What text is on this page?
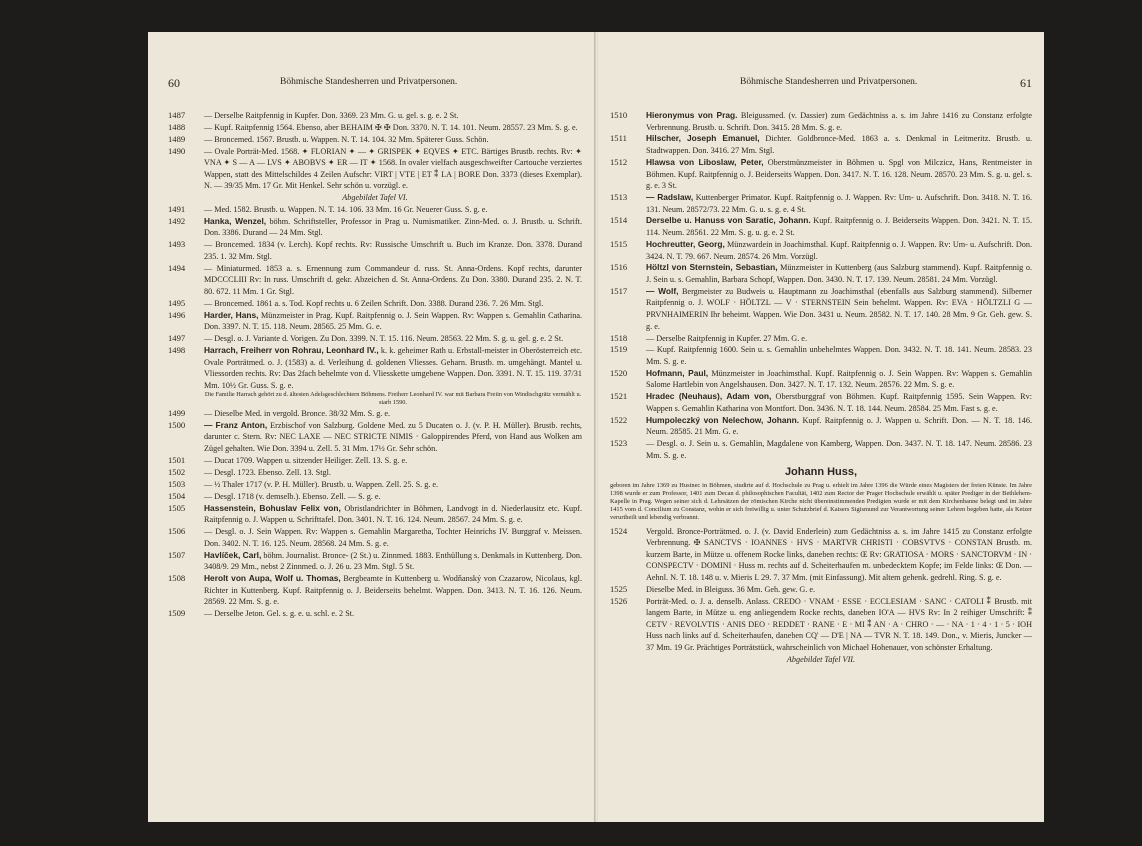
60	Böhmische Standesherren und Privatpersonen.
1487 — Derselbe Raitpfennig in Kupfer. Don. 3369. 23 Mm. G. u. gel. s. g. e. 2 St.
1488 — Kupf. Raitpfennig 1564. Ebenso, aber BEHAIM ✠ ✠ Don. 3370. N. T. 14. 101. Neum. 28557. 23 Mm. S. g. e.
1489 — Broncemed. 1567. Brustb. u. Wappen. N. T. 14. 104. 32 Mm. Späterer Guss. Schön.
1490 — Ovale Porträt-Med. 1568. ✦ FLORIAN ✦ — ✦ GRISPEK ✦ EQVES ✦ ETC. Bärtiges Brustb. rechts. Rv: ✦ VNA ✦ S — A — LVS ✦ ABOBVS ✦ ER — IT ✦ 1568. In ovaler vielfach ausgeschweifter Cartouche verziertes Wappen, statt des Mittelschildes 4 Zeilen Aufschr: VIRT | VTE | ET ⁑ LA | BORE Don. 3373 (dieses Exemplar). N. — 39/35 Mm. 17 Gr. Mit Henkel. Sehr schön u. vorzügl. e.
Abgebildet Tafel VI.
1491 — Med. 1582. Brustb. u. Wappen. N. T. 14. 106. 33 Mm. 16 Gr. Neuerer Guss. S. g. e.
1492 Hanka, Wenzel, böhm. Schriftsteller, Professor in Prag u. Numismatiker. Zinn-Med. o. J. Brustb. u. Schrift. Don. 3386. Durand — 24 Mm. Stgl.
1493 — Broncemed. 1834 (v. Lerch). Kopf rechts. Rv: Russische Umschrift u. Buch im Kranze. Don. 3378. Durand 235. 1. 32 Mm. Stgl.
1494 — Miniaturmed. 1853 a. s. Ernennung zum Commandeur d. russ. St. Anna-Ordens. Kopf rechts, darunter MDCCCLIII Rv: In russ. Umschrift d. gekr. Abzeichen d. St. Anna-Ordens. Zu Don. 3380. Durand 235. 2. N. T. 80. 672. 11 Mm. 1 Gr. Stgl.
1495 — Broncemed. 1861 a. s. Tod. Kopf rechts u. 6 Zeilen Schrift. Don. 3388. Durand 236. 7. 26 Mm. Stgl.
1496 Harder, Hans, Münzmeister in Prag. Kupf. Raitpfennig o. J. Sein Wappen. Rv: Wappen s. Gemahlin Catharina. Don. 3397. N. T. 15. 118. Neum. 28565. 25 Mm. G. e.
1497 — Desgl. o. J. Variante d. Vorigen. Zu Don. 3399. N. T. 15. 116. Neum. 28563. 22 Mm. S. g. u. gel. g. e. 2 St.
1498 Harrach, Freiherr von Rohrau, Leonhard IV., k. k. geheimer Rath u. Erbstall-meister in Oberösterreich etc. Ovale Porträtmed. o. J. (1583) a. d. Verleihung d. goldenen Vliesses. Geharn. Brustb. m. umgehängt. Mantel u. Vliessorden rechts. Rv: Das 2fach behelmte von d. Vliesskette umgebene Wappen. Don. 3391. N. T. 15. 119. 37/31 Mm. 10½ Gr. Guss. S. g. e.
Die Familie Harrach gehört zu d. ältesten Adelsgeschlechtern Böhmens. Freiherr Leonhard IV. war mit Barbara Freiin von Windischgrätz vermählt u. starb 1590.
1499 — Dieselbe Med. in vergold. Bronce. 38/32 Mm. S. g. e.
1500 — Franz Anton, Erzbischof von Salzburg. Goldene Med. zu 5 Ducaten o. J. (v. P. H. Müller). Brustb. rechts, darunter c. Stern. Rv: NEC LAXE — NEC STRICTE NIMIS · Galoppirendes Pferd, von Hand aus Wolken am Zügel gehalten. Wie Don. 3394 u. Zell. 5. 31 Mm. 17½ Gr. Sehr schön.
1501 — Ducat 1709. Wappen u. sitzender Heiliger. Zell. 13. S. g. e.
1502 — Desgl. 1723. Ebenso. Zell. 13. Stgl.
1503 — ½ Thaler 1717 (v. P. H. Müller). Brustb. u. Wappen. Zell. 25. S. g. e.
1504 — Desgl. 1718 (v. demselb.). Ebenso. Zell. — S. g. e.
1505 Hassenstein, Bohuslav Felix von, Obristlandrichter in Böhmen, Landvogt in d. Niederlausitz etc. Kupf. Raitpfennig o. J. Wappen u. Schrifttafel. Don. 3401. N. T. 16. 124. Neum. 28567. 24 Mm. S. g. e.
1506 — Desgl. o. J. Sein Wappen. Rv: Wappen s. Gemahlin Margaretha, Tochter Heinrichs IV. Burggraf v. Meissen. Don. 3402. N. T. 16. 125. Neum. 28568. 24 Mm. S. g. e.
1507 Havlíček, Carl, böhm. Journalist. Bronce- (2 St.) u. Zinnmed. 1883. Enthüllung s. Denkmals in Kuttenberg. Don. 3408/9. 29 Mm., nebst 2 Zinnmed. o. J. 26 u. 23 Mm. Stgl. 5 St.
1508 Herolt von Aupa, Wolf u. Thomas, Bergbeamte in Kuttenberg u. Wodňanský von Czazarow, Nicolaus, kgl. Richter in Kuttenberg. Kupf. Raitpfennig o. J. Beiderseits behelmt. Wappen. Don. 3413. N. T. 16. 126. Neum. 28569. 22 Mm. S. g. e.
1509 — Derselbe Jeton. Gel. s. g. e. u. schl. e. 2 St.
Böhmische Standesherren und Privatpersonen.	61
1510 Hieronymus von Prag. Bleigussmed. (v. Dassier) zum Gedächtniss a. s. im Jahre 1416 zu Constanz erfolgte Verbrennung. Brustb. u. Schrift. Don. 3415. 28 Mm. S. g. e.
1511 Hilscher, Joseph Emanuel, Dichter. Goldbronce-Med. 1863 a. s. Denkmal in Leitmeritz. Brustb. u. Stadtwappen. Don. 3416. 27 Mm. Stgl.
1512 Hlawsa von Liboslaw, Peter, Oberstmünzmeister in Böhmen u. Spgl von Milczicz, Hans, Rentmeister in Böhmen. Kupf. Raitpfennig o. J. Beiderseits Wappen. Don. 3417. N. T. 16. 128. Neum. 28570. 23 Mm. S. g. u. gel. s. g. e. 3 St.
1513 — Radslaw, Kuttenberger Primator. Kupf. Raitpfennig o. J. Wappen. Rv: Um- u. Aufschrift. Don. 3418. N. T. 16. 131. Neum. 28572/73. 22 Mm. G. u. s. g. e. 4 St.
1514 Derselbe u. Hanuss von Saratic, Johann. Kupf. Raitpfennig o. J. Beiderseits Wappen. Don. 3421. N. T. 15. 114. Neum. 28561. 22 Mm. S. g. u. g. e. 2 St.
1515 Hochreutter, Georg, Münzwardein in Joachimsthal. Kupf. Raitpfennig o. J. Wappen. Rv: Um- u. Aufschrift. Don. 3424. N. T. 79. 667. Neum. 28574. 26 Mm. Vorzügl.
1516 Höltzl von Sternstein, Sebastian, Münzmeister in Kuttenberg (aus Salzburg stammend). Kupf. Raitpfennig o. J. Sein u. s. Gemahlin, Barbara Schopf, Wappen. Don. 3430. N. T. 17. 139. Neum. 28581. 24 Mm. Vorzügl.
1517 — Wolf, Bergmeister zu Budweis u. Hauptmann zu Joachimsthal (ebenfalls aus Salzburg stammend). Silberner Raitpfennig o. J. WOLF · HÖLTZL — V · STERNSTEIN Sein behelmt. Wappen. Rv: EVA · HÖLTZLI G — PRVNHAIMERIN Ihr beheimt. Wappen. Wie Don. 3431 u. Neum. 28582. N. T. 17. 140. 28 Mm. 9 Gr. Geh. gew. S. g. e.
1518 — Derselbe Raitpfennig in Kupfer. 27 Mm. G. e.
1519 — Kupf. Raitpfennig 1600. Sein u. s. Gemahlin unbehelmtes Wappen. Don. 3432. N. T. 18. 141. Neum. 28583. 23 Mm. S. g. e.
1520 Hofmann, Paul, Münzmeister in Joachimsthal. Kupf. Raitpfennig o. J. Sein Wappen. Rv: Wappen s. Gemahlin Salome Hartlebin von Angelshausen. Don. 3427. N. T. 17. 132. Neum. 28576. 22 Mm. S. g. e.
1521 Hradec (Neuhaus), Adam von, Oberstburggraf von Böhmen. Kupf. Raitpfennig 1595. Sein Wappen. Rv: Wappen s. Gemahlin Katharina von Montfort. Don. 3436. N. T. 18. 144. Neum. 28584. 25 Mm. Fast s. g. e.
1522 Humpoleczký von Nelechow, Johann. Kupf. Raitpfennig o. J. Wappen u. Schrift. Don. — N. T. 18. 146. Neum. 28585. 21 Mm. G. e.
1523 — Desgl. o. J. Sein u. s. Gemahlin, Magdalene von Kamberg, Wappen. Don. 3437. N. T. 18. 147. Neum. 28586. 23 Mm. S. g. e.
Johann Huss,
geboren im Jahre 1369 zu Husinec in Böhmen, studirte auf d. Hochschule zu Prag u. erhielt im Jahre 1396 die Würde eines Magisters der freien Künste. Im Jahre 1398 wurde er zum Professor, 1401 zum Decan d. philosophischen Facultät, 1402 zum Rector der Prager Hochschule erwählt u. später Prediger in der Bethlehem-Kapelle in Prag. Wegen seiner sich d. Lehrsätzen der römischen Kirche nicht übereinstimmenden Predigten wurde er mit dem Kirchenbanne belegt und im Jahre 1415 vom d. Concilium zu Constanz, wohin er sich freiwillig u. unter Schutzbrief d. Kaisers Sigismund zur Verantwortung seiner Lehren begeben hatte, als Ketzer verurtheilt und lebendig verbrannt.
1524 Vergold. Bronce-Porträtmed. o. J. (v. David Enderlein) zum Gedächtniss a. s. im Jahre 1415 zu Constanz erfolgte Verbrennung. ✠ SANCTVS · IOANNES · HVS · MARTVR CHRISTI · COBSVTVS · CONSTAN Brustb. m. kurzem Barte, in Mütze u. offenem Rocke links, daneben rechts: Œ Rv: GRATIOSA · MORS · SANCTORVM · IN · CONSPECTV · DOMINI · Huss m. rechts auf d. Scheiterhaufen m. unbedecktem Kopfe; im Felde links: Œ Don. — Aehnl. N. T. 18. 148 u. v. Mieris I. 29. 7. 37 Mm. (mit Einfassung). Mit altem gehenk. gedrehl. Ring. S. g. e.
1525 Dieselbe Med. in Bleiguss. 36 Mm. Geh. gew. G. e.
1526 Porträt-Med. o. J. a. denselb. Anlass. CREDO · VNAM · ESSE · ECCLESIAM · SANC · CATOLI ⁑ Brustb. mit langem Barte, in Mütze u. eng anliegendem Rocke rechts, daneben IO'A — HVS Rv: In 2 reihiger Umschrift: ⁑ CETV · REVOLVTIS · ANIS DEO · REDDET · RANE · E · MI ⁑ AN · A · CHRO · — · NA · 1 · 4 · 1 · 5 · IOH Huss nach links auf d. Scheiterhaufen, daneben CQ' — D'E | NA — TVR N. T. 18. 149. Don., v. Mieris, Juncker — 37 Mm. 19 Gr. Prächtiges Porträtstück, wahrscheinlich von Michael Hohenauer, von schönster Erhaltung.
Abgebildet Tafel VII.
